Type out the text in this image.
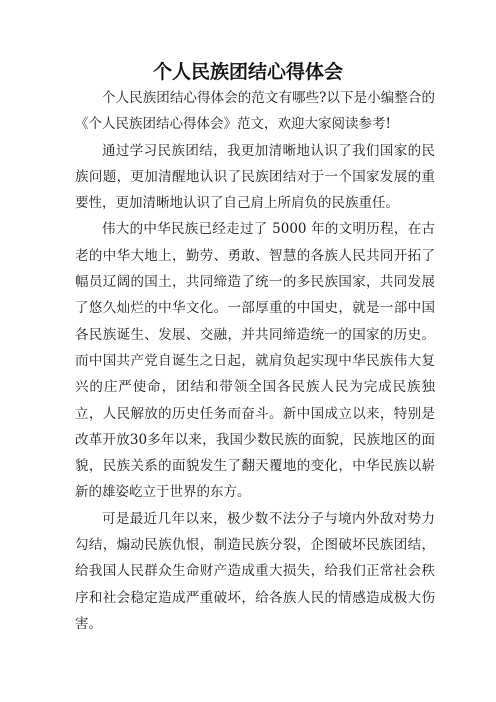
个人民族团结心得体会

个人民族团结心得体会的范文有哪些?以下是小编整合的《个人民族团结心得体会》范文，欢迎大家阅读参考!

通过学习民族团结，我更加清晰地认识了我们国家的民族问题，更加清醒地认识了民族团结对于一个国家发展的重要性，更加清晰地认识了自己肩上所肩负的民族重任。

伟大的中华民族已经走过了 5000 年的文明历程，在古老的中华大地上，勤劳、勇敢、智慧的各族人民共同开拓了幅员辽阔的国土，共同缔造了统一的多民族国家，共同发展了悠久灿烂的中华文化。一部厚重的中国史，就是一部中国各民族诞生、发展、交融，并共同缔造统一的国家的历史。而中国共产党自诞生之日起，就肩负起实现中华民族伟大复兴的庄严使命，团结和带领全国各民族人民为完成民族独立，人民解放的历史任务而奋斗。新中国成立以来，特别是改革开放30多年以来，我国少数民族的面貌，民族地区的面貌，民族关系的面貌发生了翻天覆地的变化，中华民族以崭新的雄姿屹立于世界的东方。

可是最近几年以来，极少数不法分子与境内外敌对势力勾结，煽动民族仇恨，制造民族分裂，企图破坏民族团结，给我国人民群众生命财产造成重大损失，给我们正常社会秩序和社会稳定造成严重破坏，给各族人民的情感造成极大伤害。
